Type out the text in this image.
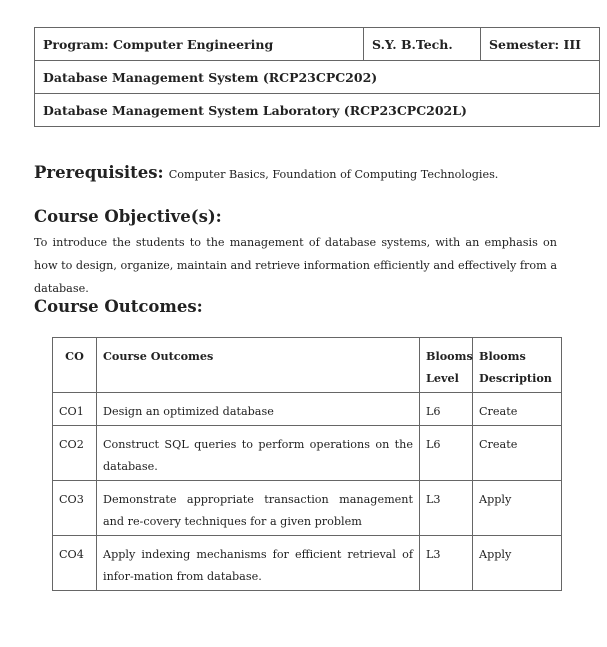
Program: Computer Engineering	S.Y. B.Tech.	Semester: III
Database Management System (RCP23CPC202)
Database Management System Laboratory (RCP23CPC202L)
Prerequisites: Computer Basics, Foundation of Computing Technologies.
Course Objective(s):
To introduce the students to the management of database systems, with an emphasis on how to design, organize, maintain and retrieve information efficiently and effectively from a database.
Course Outcomes:
CO	Course Outcomes	Blooms Level	Blooms Description
CO1	Design an optimized database	L6	Create
CO2	Construct SQL queries to perform operations on the database.	L6	Create
CO3	Demonstrate appropriate transaction management and re-covery techniques for a given problem	L3	Apply
CO4	Apply indexing mechanisms for efficient retrieval of infor-mation from database.	L3	Apply
